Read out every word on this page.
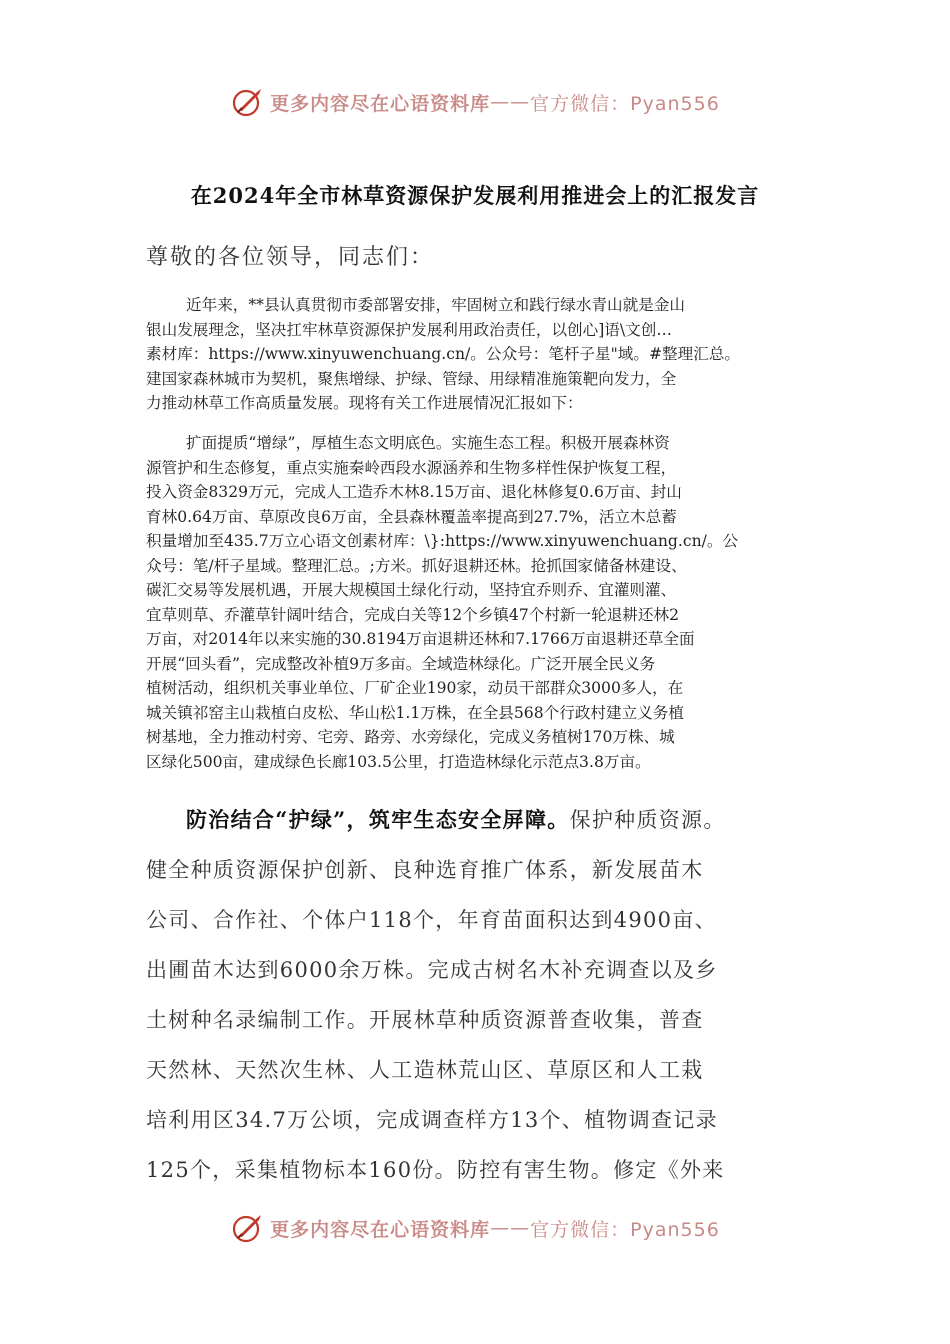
更多内容尽在心语资料库 —— 官方微信：Pyan556
在2024年全市林草资源保护发展利用推进会上的汇报发言
尊敬的各位领导，同志们：
近年来，**县认真贯彻市委部署安排，牢固树立和践行绿水青山就是金山
银山发展理念，坚决扛牢林草资源保护发展利用政治责任，以创心]语\文创…
素材库：https://www.xinyuwenchuang.cn/。公众号：笔杆子星"域。#整理汇总。
建国家森林城市为契机，聚焦增绿、护绿、管绿、用绿精准施策靶向发力，全
力推动林草工作高质量发展。现将有关工作进展情况汇报如下：
扩面提质“增绿”，厚植生态文明底色。实施生态工程。积极开展森林资
源管护和生态修复，重点实施秦岭西段水源涵养和生物多样性保护恢复工程，
投入资金8329万元，完成人工造乔木林8.15万亩、退化林修复0.6万亩、封山
育林0.64万亩、草原改良6万亩，全县森林覆盖率提高到27.7%，活立木总蓄
积量增加至435.7万立心语文创素材库：\}:https://www.xinyuwenchuang.cn/。公
众号：笔/杆子星域。整理汇总。;方米。抓好退耕还林。抢抓国家储备林建设、
碳汇交易等发展机遇，开展大规模国土绿化行动，坚持宜乔则乔、宜灌则灌、
宜草则草、乔灌草针阔叶结合，完成白关等12个乡镇47个村新一轮退耕还林2
万亩，对2014年以来实施的30.8194万亩退耕还林和7.1766万亩退耕还草全面
开展“回头看”，完成整改补植9万多亩。全域造林绿化。广泛开展全民义务
植树活动，组织机关事业单位、厂矿企业190家，动员干部群众3000多人，在
城关镇祁窑主山栽植白皮松、华山松1.1万株，在全县568个行政村建立义务植
树基地，全力推动村旁、宅旁、路旁、水旁绿化，完成义务植树170万株、城
区绿化500亩，建成绿色长廊103.5公里，打造造林绿化示范点3.8万亩。
防治结合“护绿”，筑牢生态安全屏障。保护种质资源。
健全种质资源保护创新、良种选育推广体系，新发展苗木
公司、合作社、个体户118个，年育苗面积达到4900亩、
出圃苗木达到6000余万株。完成古树名木补充调查以及乡
土树种名录编制工作。开展林草种质资源普查收集，普查
天然林、天然次生林、人工造林荒山区、草原区和人工栽
培利用区34.7万公顷，完成调查样方13个、植物调查记录
125个，采集植物标本160份。防控有害生物。修定《外来
更多内容尽在心语资料库 —— 官方微信：Pyan556
